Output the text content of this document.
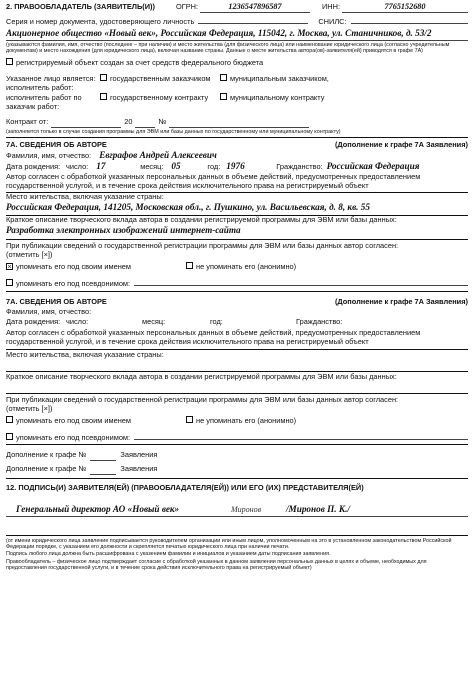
2. ПРАВООБЛАДАТЕЛЬ (ЗАЯВИТЕЛЬ(И))	ОГРН:	1236547896587	ИНН:	7765152680
Серия и номер документа, удостоверяющего личность	СНИЛС:
Акционерное общество «Новый век», Российская Федерация, 115042, г. Москва, ул. Станичников, д. 53/2
(указываются фамилия, имя, отчество (последнее – при наличии) и место жительства (для физического лица) или наименование юридического лица (согласно учредительным документам) и место нахождения (для юридического лица), включая название страны. Данные о месте жительства автора(ов)-заявителя(ей) приводятся в графе 7А)
регистрируемый объект создан за счет средств федерального бюджета
Указанное лицо является:	государственным заказчиком	муниципальным заказчиком,
исполнитель работ:
исполнитель работ по	государственному контракту	муниципальному контракту
заказчик работ:
Контракт от:
	20
	№

(заполняется только в случае создания программы для ЭВМ или базы данных по государственному или муниципальному контракту)
7А. СВЕДЕНИЯ ОБ АВТОРЕ	(Дополнение к графе 7А Заявления)
Фамилия, имя, отчество: Евграфов Андрей Алексеевич
Дата рождения: число: 17	месяц: 05	год: 1976	Гражданство: Российская Федерация
Автор согласен с обработкой указанных персональных данных в объеме действий, предусмотренных предоставлением государственной услугой, и в течение срока действия исключительного права на регистрируемый объект
Место жительства, включая указание страны:
Российская Федерация, 141205, Московская обл., г. Пушкино, ул. Васильевская, д. 8, кв. 55
Краткое описание творческого вклада автора в создании регистрируемой программы для ЭВМ или базы данных:
Разработка электронных изображений интернет-сайта
При публикации сведений о государственной регистрации программы для ЭВМ или базы данных автор согласен:
(отметить [×])
× упоминать его под своим именем	не упоминать его (анонимно)
упоминать его под псевдонимом:
7А. СВЕДЕНИЯ ОБ АВТОРЕ	(Дополнение к графе 7А Заявления)
Фамилия, имя, отчество:

Дата рождения: число:	месяц:	год:	Гражданство:
Автор согласен с обработкой указанных персональных данных в объеме действий, предусмотренных предоставлением государственной услугой, и в течение срока действия исключительного права на регистрируемый объект
Место жительства, включая указание страны:
Краткое описание творческого вклада автора в создании регистрируемой программы для ЭВМ или базы данных:
При публикации сведений о государственной регистрации программы для ЭВМ или базы данных автор согласен:
(отметить [×])
упоминать его под своим именем	не упоминать его (анонимно)
упоминать его под псевдонимом:
Дополнение к графе №
	Заявления
Дополнение к графе №
	Заявления
12. ПОДПИСЬ(И) ЗАЯВИТЕЛЯ(ЕЙ) (ПРАВООБЛАДАТЕЛЯ(ЕЙ)) ИЛИ ЕГО (ИХ) ПРЕДСТАВИТЕЛЯ(ЕЙ)
Генеральный директор АО «Новый век»	Миронов	/Миронов П. К./
(от имени юридического лица заявление подписывается руководителем организации или иным лицом, уполномоченным на это в установленном законодательством Российской Федерации порядке, с указанием его должности и скрепляется печатью юридического лица при наличии печати.
Подпись любого лица должна быть расшифрована с указением фамилии и инициалов и указанием даты подписания заявления.
Правообладатель – физическое лицо подтверждает согласие с обработкой указанных в данном заявлении персональных данных в целях и объеме, необходимых для предоставления государственной услуги, и в течение срока действия исключительного права на регистрируемый объект)
